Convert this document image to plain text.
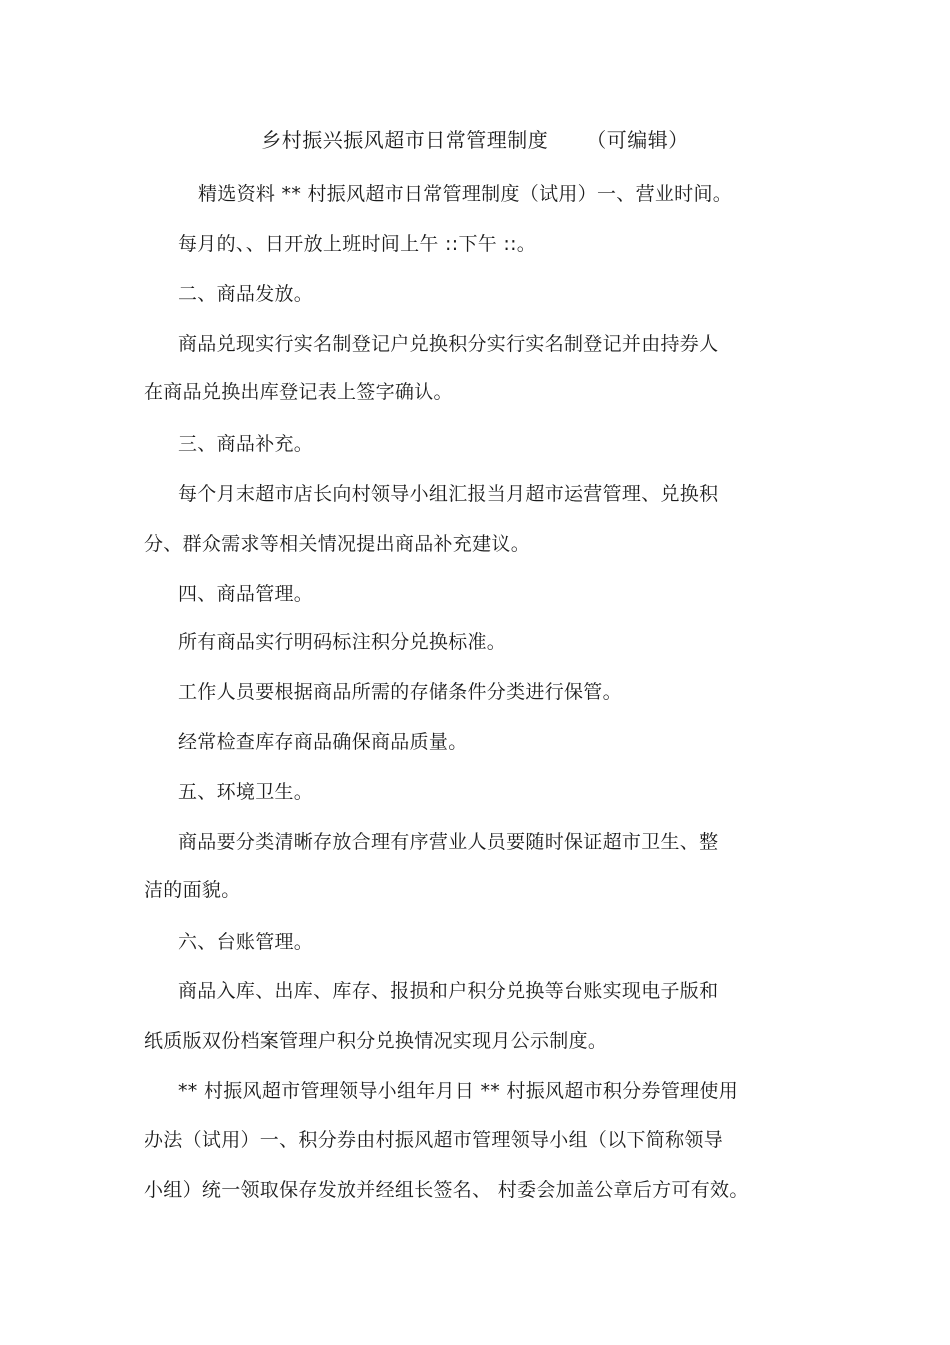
乡村振兴振风超市日常管理制度 （可编辑）
精选资料 ** 村振风超市日常管理制度（试用）一、营业时间。
每月的、、日开放上班时间上午 ::下午 ::。
二、商品发放。
商品兑现实行实名制登记户兑换积分实行实名制登记并由持券人
在商品兑换出库登记表上签字确认。
三、商品补充。
每个月末超市店长向村领导小组汇报当月超市运营管理、兑换积
分、群众需求等相关情况提出商品补充建议。
四、商品管理。
所有商品实行明码标注积分兑换标准。
工作人员要根据商品所需的存储条件分类进行保管。
经常检查库存商品确保商品质量。
五、环境卫生。
商品要分类清晰存放合理有序营业人员要随时保证超市卫生、整
洁的面貌。
六、台账管理。
商品入库、出库、库存、报损和户积分兑换等台账实现电子版和
纸质版双份档案管理户积分兑换情况实现月公示制度。
** 村振风超市管理领导小组年月日 ** 村振风超市积分券管理使用
办法（试用）一、积分券由村振风超市管理领导小组（以下简称领导
小组）统一领取保存发放并经组长签名、 村委会加盖公章后方可有效。
